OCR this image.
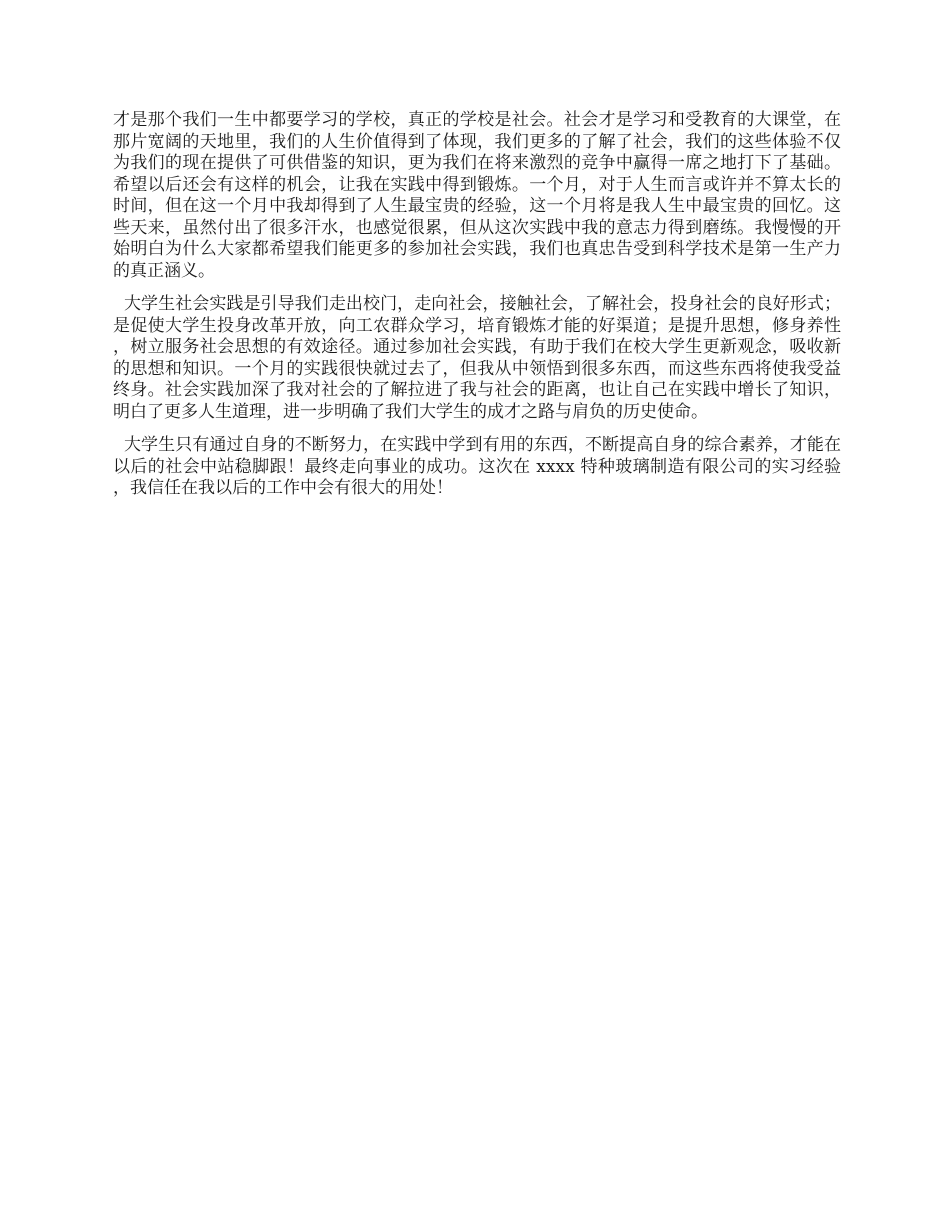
才是那个我们一生中都要学习的学校，真正的学校是社会。社会才是学习和受教育的大课堂，在那片宽阔的天地里，我们的人生价值得到了体现，我们更多的了解了社会，我们的这些体验不仅为我们的现在提供了可供借鉴的知识，更为我们在将来激烈的竞争中赢得一席之地打下了基础。希望以后还会有这样的机会，让我在实践中得到锻炼。一个月，对于人生而言或许并不算太长的时间，但在这一个月中我却得到了人生最宝贵的经验，这一个月将是我人生中最宝贵的回忆。这些天来，虽然付出了很多汗水，也感觉很累，但从这次实践中我的意志力得到磨练。我慢慢的开始明白为什么大家都希望我们能更多的参加社会实践，我们也真忠告受到科学技术是第一生产力的真正涵义。

大学生社会实践是引导我们走出校门，走向社会，接触社会，了解社会，投身社会的良好形式；是促使大学生投身改革开放，向工农群众学习，培育锻炼才能的好渠道；是提升思想，修身养性，树立服务社会思想的有效途径。通过参加社会实践，有助于我们在校大学生更新观念，吸收新的思想和知识。一个月的实践很快就过去了，但我从中领悟到很多东西，而这些东西将使我受益终身。社会实践加深了我对社会的了解拉进了我与社会的距离，也让自己在实践中增长了知识，明白了更多人生道理，进一步明确了我们大学生的成才之路与肩负的历史使命。

大学生只有通过自身的不断努力，在实践中学到有用的东西，不断提高自身的综合素养，才能在以后的社会中站稳脚跟！最终走向事业的成功。这次在 xxxx 特种玻璃制造有限公司的实习经验，我信任在我以后的工作中会有很大的用处！
